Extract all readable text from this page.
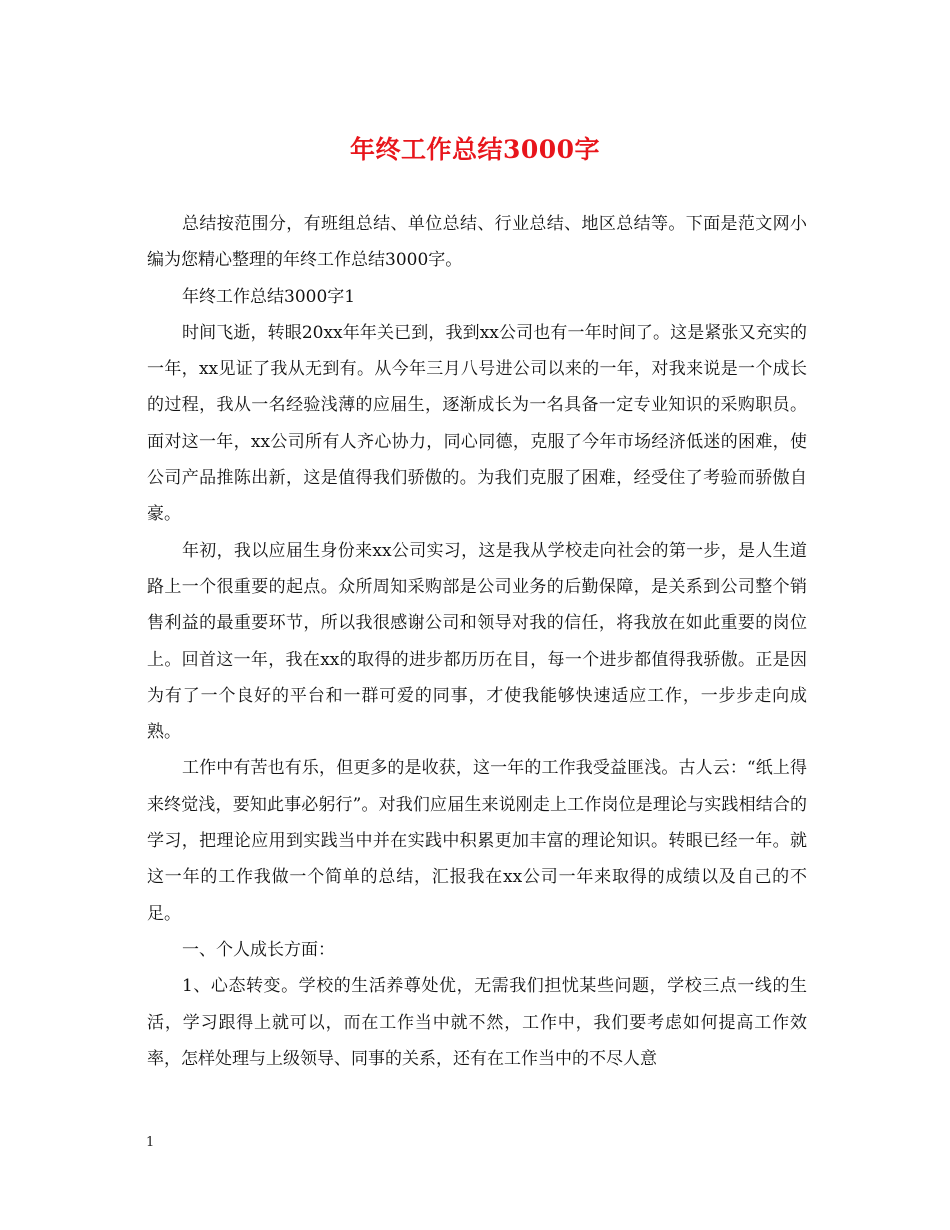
年终工作总结3000字

总结按范围分，有班组总结、单位总结、行业总结、地区总结等。下面是范文网小编为您精心整理的年终工作总结3000字。

年终工作总结3000字1

时间飞逝，转眼20xx年年关已到，我到xx公司也有一年时间了。这是紧张又充实的一年，xx见证了我从无到有。从今年三月八号进公司以来的一年，对我来说是一个成长的过程，我从一名经验浅薄的应届生，逐渐成长为一名具备一定专业知识的采购职员。面对这一年，xx公司所有人齐心协力，同心同德，克服了今年市场经济低迷的困难，使公司产品推陈出新，这是值得我们骄傲的。为我们克服了困难，经受住了考验而骄傲自豪。

年初，我以应届生身份来xx公司实习，这是我从学校走向社会的第一步，是人生道路上一个很重要的起点。众所周知采购部是公司业务的后勤保障，是关系到公司整个销售利益的最重要环节，所以我很感谢公司和领导对我的信任，将我放在如此重要的岗位上。回首这一年，我在xx的取得的进步都历历在目，每一个进步都值得我骄傲。正是因为有了一个良好的平台和一群可爱的同事，才使我能够快速适应工作，一步步走向成熟。

工作中有苦也有乐，但更多的是收获，这一年的工作我受益匪浅。古人云：“纸上得来终觉浅，要知此事必躬行”。对我们应届生来说刚走上工作岗位是理论与实践相结合的学习，把理论应用到实践当中并在实践中积累更加丰富的理论知识。转眼已经一年。就这一年的工作我做一个简单的总结，汇报我在xx公司一年来取得的成绩以及自己的不足。

一、个人成长方面：

1、心态转变。学校的生活养尊处优，无需我们担忧某些问题，学校三点一线的生活，学习跟得上就可以，而在工作当中就不然，工作中，我们要考虑如何提高工作效率，怎样处理与上级领导、同事的关系，还有在工作当中的不尽人意

1
